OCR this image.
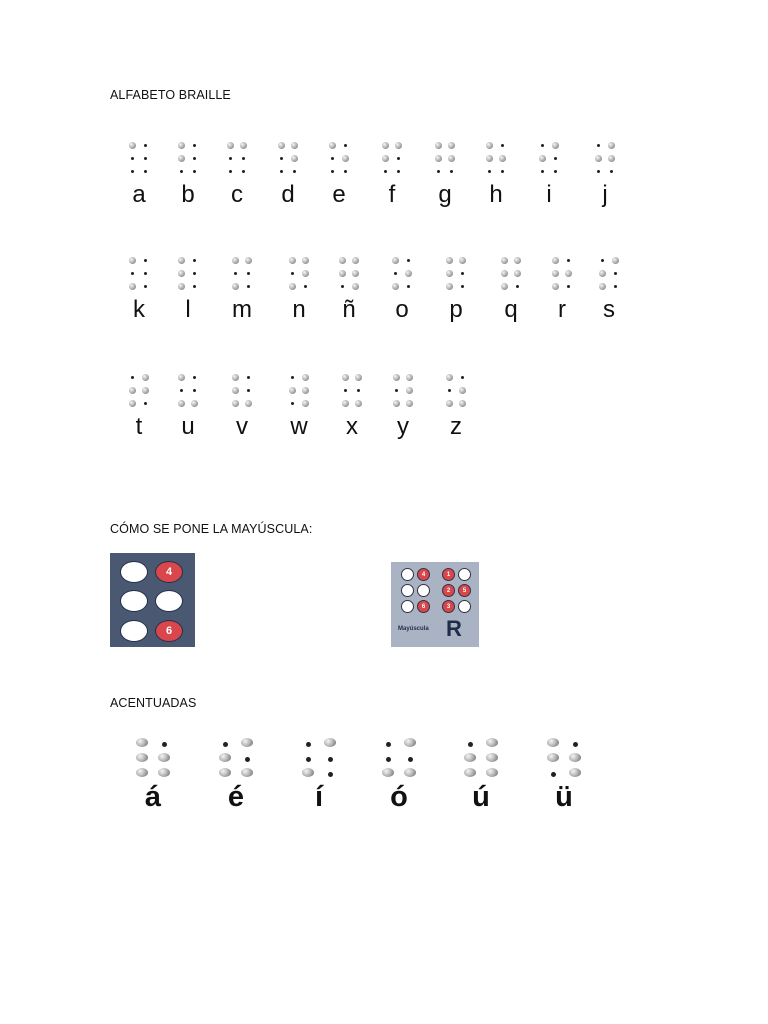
ALFABETO BRAILLE
a	b	c	d	e	f	g	h	i	j
k	l	m	n	ñ	o	p	q	r	s
t	u	v	w	x	y	z
CÓMO SE PONE LA MAYÚSCULA:
4
6
4
6
1
2	5
3
Mayúscula R
ACENTUADAS
á	é	í	ó	ú	ü
